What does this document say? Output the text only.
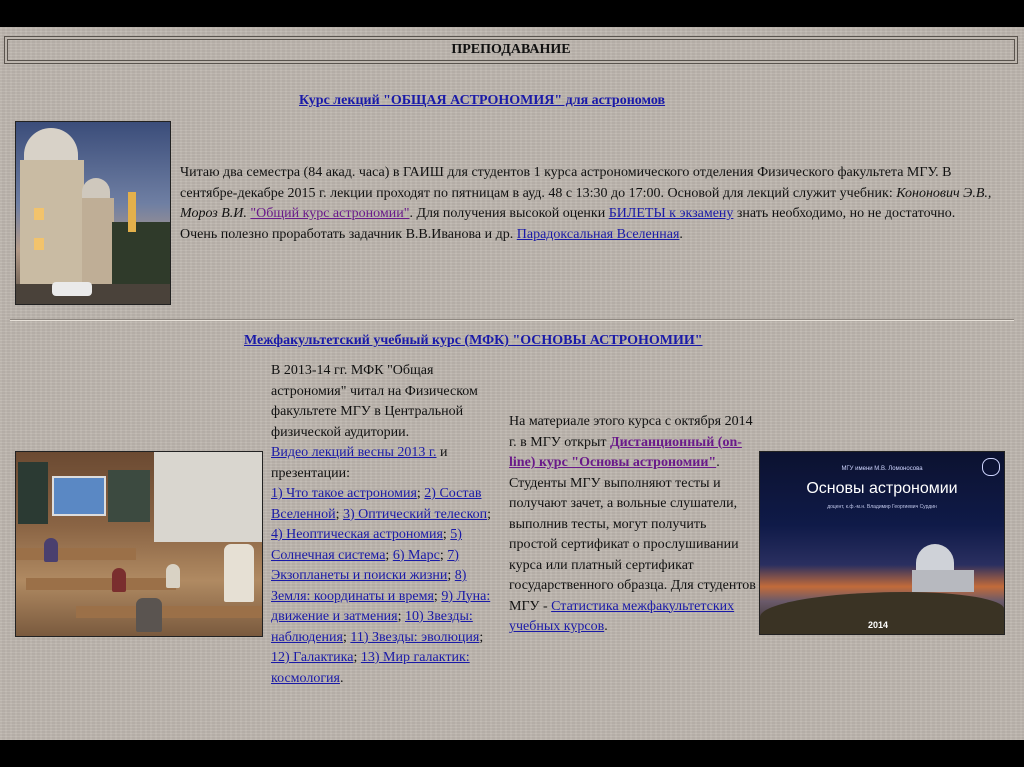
ПРЕПОДАВАНИЕ
Курс лекций "ОБЩАЯ АСТРОНОМИЯ" для астрономов
Читаю два семестра (84 акад. часа) в ГАИШ для студентов 1 курса астрономического отделения Физического факультета МГУ. В сентябре-декабре 2015 г. лекции проходят по пятницам в ауд. 48 с 13:30 до 17:00. Основой для лекций служит учебник: Кононович Э.В., Мороз В.И. "Общий курс астрономии". Для получения высокой оценки БИЛЕТЫ к экзамену знать необходимо, но не достаточно. Очень полезно проработать задачник В.В.Иванова и др. Парадоксальная Вселенная.
Межфакультетский учебный курс (МФК) "ОСНОВЫ АСТРОНОМИИ"
В 2013-14 гг. МФК "Общая астрономия" читал на Физическом факультете МГУ в Центральной физической аудитории.
Видео лекций весны 2013 г. и презентации:
1) Что такое астрономия; 2) Состав Вселенной; 3) Оптический телескоп; 4) Неоптическая астрономия; 5) Солнечная система; 6) Марс; 7) Экзопланеты и поиски жизни; 8) Земля: координаты и время; 9) Луна: движение и затмения; 10) Звезды: наблюдения; 11) Звезды: эволюция; 12) Галактика; 13) Мир галактик: космология.
На материале этого курса с октября 2014 г. в МГУ открыт Дистанционный (on-line) курс "Основы астрономии". Студенты МГУ выполняют тесты и получают зачет, а вольные слушатели, выполнив тесты, могут получить простой сертификат о прослушивании курса или платный сертификат государственного образца. Для студентов МГУ - Статистика межфакультетских учебных курсов.
МГУ имени М.В. Ломоносова
Основы астрономии
доцент, к.ф.-м.н. Владимир Георгиевич Сурдин
2014
